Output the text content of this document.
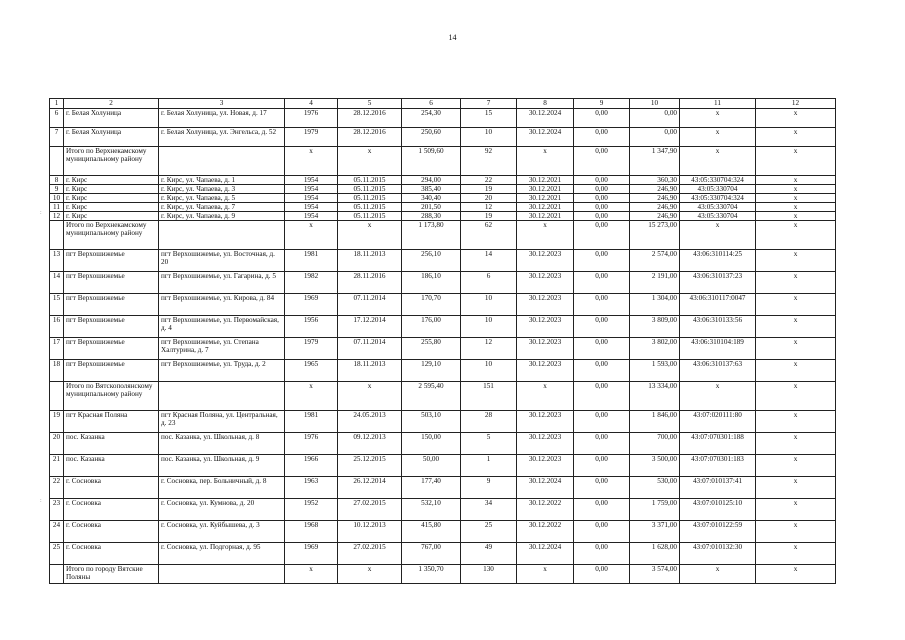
14
:
:
1	2	3	4	5	6	7	8	9	10	11	12
6	г. Белая Холуница	г. Белая Холуница, ул. Новая, д. 17	1976	28.12.2016	254,30	15	30.12.2024	0,00	0,00	x	x
7	г. Белая Холуница	г. Белая Холуница, ул. Энгельса, д. 52	1979	28.12.2016	250,60	10	30.12.2024	0,00	0,00	x	x
	Итого по Верхнекамскому муниципальному району		x	x	1 509,60	92	x	0,00	1 347,90	x	x
8	г. Кирс	г. Кирс, ул. Чапаева, д. 1	1954	05.11.2015	294,00	22	30.12.2021	0,00	360,30	43:05:330704:324	x
9	г. Кирс	г. Кирс, ул. Чапаева, д. 3	1954	05.11.2015	385,40	19	30.12.2021	0,00	246,90	43:05:330704	x
10	г. Кирс	г. Кирс, ул. Чапаева, д. 5	1954	05.11.2015	340,40	20	30.12.2021	0,00	246,90	43:05:330704:324	x
11	г. Кирс	г. Кирс, ул. Чапаева, д. 7	1954	05.11.2015	201,50	12	30.12.2021	0,00	246,90	43:05:330704	x
12	г. Кирс	г. Кирс, ул. Чапаева, д. 9	1954	05.11.2015	288,30	19	30.12.2021	0,00	246,90	43:05:330704	x
	Итого по Верхнекамскому муниципальному району		x	x	1 173,80	62	x	0,00	15 273,00	x	x
13	пгт Верхошижемье	пгт Верхошижемье, ул. Восточная, д. 20	1981	18.11.2013	256,10	14	30.12.2023	0,00	2 574,00	43:06:310114:25	x
14	пгт Верхошижемье	пгт Верхошижемье, ул. Гагарина, д. 5	1982	28.11.2016	186,10	6	30.12.2023	0,00	2 191,00	43:06:310137:23	x
15	пгт Верхошижемье	пгт Верхошижемье, ул. Кирова, д. 84	1969	07.11.2014	170,70	10	30.12.2023	0,00	1 304,00	43:06:310117:0047	x
16	пгт Верхошижемье	пгт Верхошижемье, ул. Первомайская, д. 4	1956	17.12.2014	176,00	10	30.12.2023	0,00	3 809,00	43:06:310133:56	x
17	пгт Верхошижемье	пгт Верхошижемье, ул. Степана Халтурина, д. 7	1979	07.11.2014	255,80	12	30.12.2023	0,00	3 802,00	43:06:310104:189	x
18	пгт Верхошижемье	пгт Верхошижемье, ул. Труда, д. 2	1965	18.11.2013	129,10	10	30.12.2023	0,00	1 593,00	43:06:310137:63	x
	Итого по Вятскополянскому муниципальному району		x	x	2 595,40	151	x	0,00	13 334,00	x	x
19	пгт Красная Поляна	пгт Красная Поляна, ул. Центральная, д. 23	1981	24.05.2013	503,10	28	30.12.2023	0,00	1 846,00	43:07:020111:80	x
20	пос. Казанка	пос. Казанка, ул. Школьная, д. 8	1976	09.12.2013	150,00	5	30.12.2023	0,00	700,00	43:07:070301:188	x
21	пос. Казанка	пос. Казанка, ул. Школьная, д. 9	1966	25.12.2015	50,00	1	30.12.2023	0,00	3 500,00	43:07:070301:183	x
22	г. Сосновка	г. Сосновка, пер. Больничный, д. 8	1963	26.12.2014	177,40	9	30.12.2024	0,00	530,00	43:07:010137:41	x
23	г. Сосновка	г. Сосновка, ул. Кумнова, д. 20	1952	27.02.2015	532,10	34	30.12.2022	0,00	1 759,00	43:07:010125:10	x
24	г. Сосновка	г. Сосновка, ул. Куйбышева, д. 3	1968	10.12.2013	415,80	25	30.12.2022	0,00	3 371,00	43:07:010122:59	x
25	г. Сосновка	г. Сосновка, ул. Подгорная, д. 95	1969	27.02.2015	767,00	49	30.12.2024	0,00	1 628,00	43:07:010132:30	x
	Итого по городу Вятские Поляны		x	x	1 350,70	130	x	0,00	3 574,00	x	x
